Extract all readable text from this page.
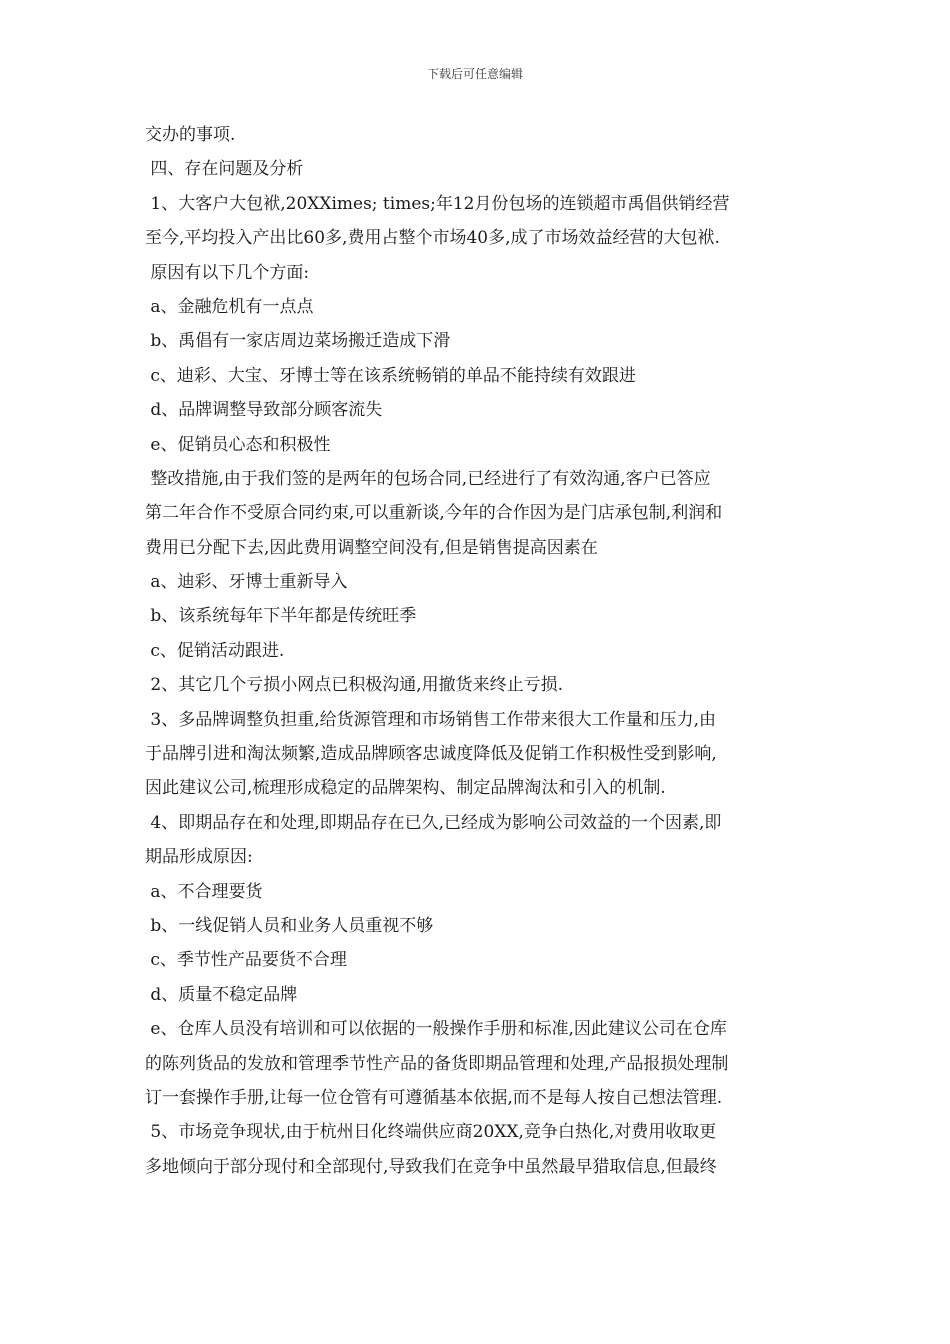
下载后可任意编辑
交办的事项.
四、存在问题及分析
1、大客户大包袱,20XXimes; times;年12月份包场的连锁超市禹倡供销经营
至今,平均投入产出比60多,费用占整个市场40多,成了市场效益经营的大包袱.
原因有以下几个方面:
a、金融危机有一点点
b、禹倡有一家店周边菜场搬迁造成下滑
c、迪彩、大宝、牙博士等在该系统畅销的单品不能持续有效跟进
d、品牌调整导致部分顾客流失
e、促销员心态和积极性
整改措施,由于我们签的是两年的包场合同,已经进行了有效沟通,客户已答应
第二年合作不受原合同约束,可以重新谈,今年的合作因为是门店承包制,利润和
费用已分配下去,因此费用调整空间没有,但是销售提高因素在
a、迪彩、牙博士重新导入
b、该系统每年下半年都是传统旺季
c、促销活动跟进.
2、其它几个亏损小网点已积极沟通,用撤货来终止亏损.
3、多品牌调整负担重,给货源管理和市场销售工作带来很大工作量和压力,由
于品牌引进和淘汰频繁,造成品牌顾客忠诚度降低及促销工作积极性受到影响,
因此建议公司,梳理形成稳定的品牌架构、制定品牌淘汰和引入的机制.
4、即期品存在和处理,即期品存在已久,已经成为影响公司效益的一个因素,即
期品形成原因:
a、不合理要货
b、一线促销人员和业务人员重视不够
c、季节性产品要货不合理
d、质量不稳定品牌
e、仓库人员没有培训和可以依据的一般操作手册和标准,因此建议公司在仓库
的陈列货品的发放和管理季节性产品的备货即期品管理和处理,产品报损处理制
订一套操作手册,让每一位仓管有可遵循基本依据,而不是每人按自己想法管理.
5、市场竞争现状,由于杭州日化终端供应商20XX,竞争白热化,对费用收取更
多地倾向于部分现付和全部现付,导致我们在竞争中虽然最早猎取信息,但最终
